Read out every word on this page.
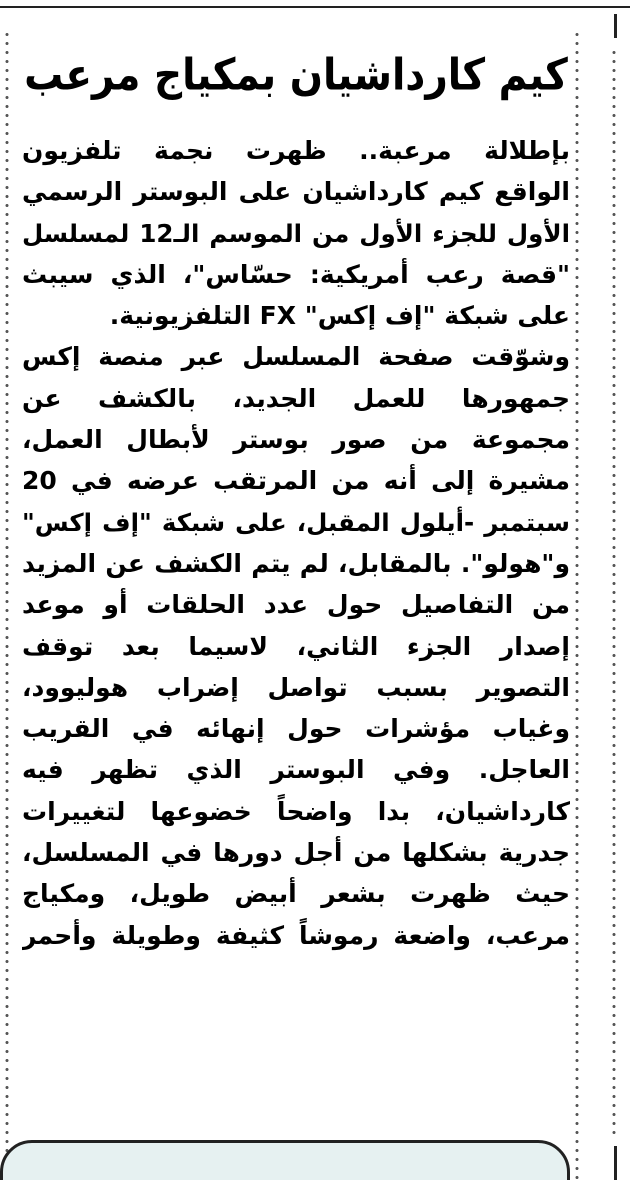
كيم كارداشيان بمكياج مرعب
بإطلالة مرعبة.. ظهرت نجمة تلفزيون
الواقع كيم كارداشيان على البوستر الرسمي
الأول للجزء الأول من الموسم الـ12 لمسلسل
"قصة رعب أمريكية: حسّاس"، الذي سيبث
على شبكة "إف إكس" FX التلفزيونية.
وشوّقت صفحة المسلسل عبر منصة إكس
جمهورها للعمل الجديد، بالكشف عن
مجموعة من صور بوستر لأبطال العمل،
مشيرة إلى أنه من المرتقب عرضه في 20
سبتمبر -أيلول المقبل، على شبكة "إف إكس"
و"هولو". بالمقابل، لم يتم الكشف عن المزيد
من التفاصيل حول عدد الحلقات أو موعد
إصدار الجزء الثاني، لاسيما بعد توقف
التصوير بسبب تواصل إضراب هوليوود،
وغياب مؤشرات حول إنهائه في القريب
العاجل. وفي البوستر الذي تظهر فيه
كارداشيان، بدا واضحاً خضوعها لتغييرات
جدرية بشكلها من أجل دورها في المسلسل،
حيث ظهرت بشعر أبيض طويل، ومكياج
مرعب، واضعة رموشاً كثيفة وطويلة وأحمر
